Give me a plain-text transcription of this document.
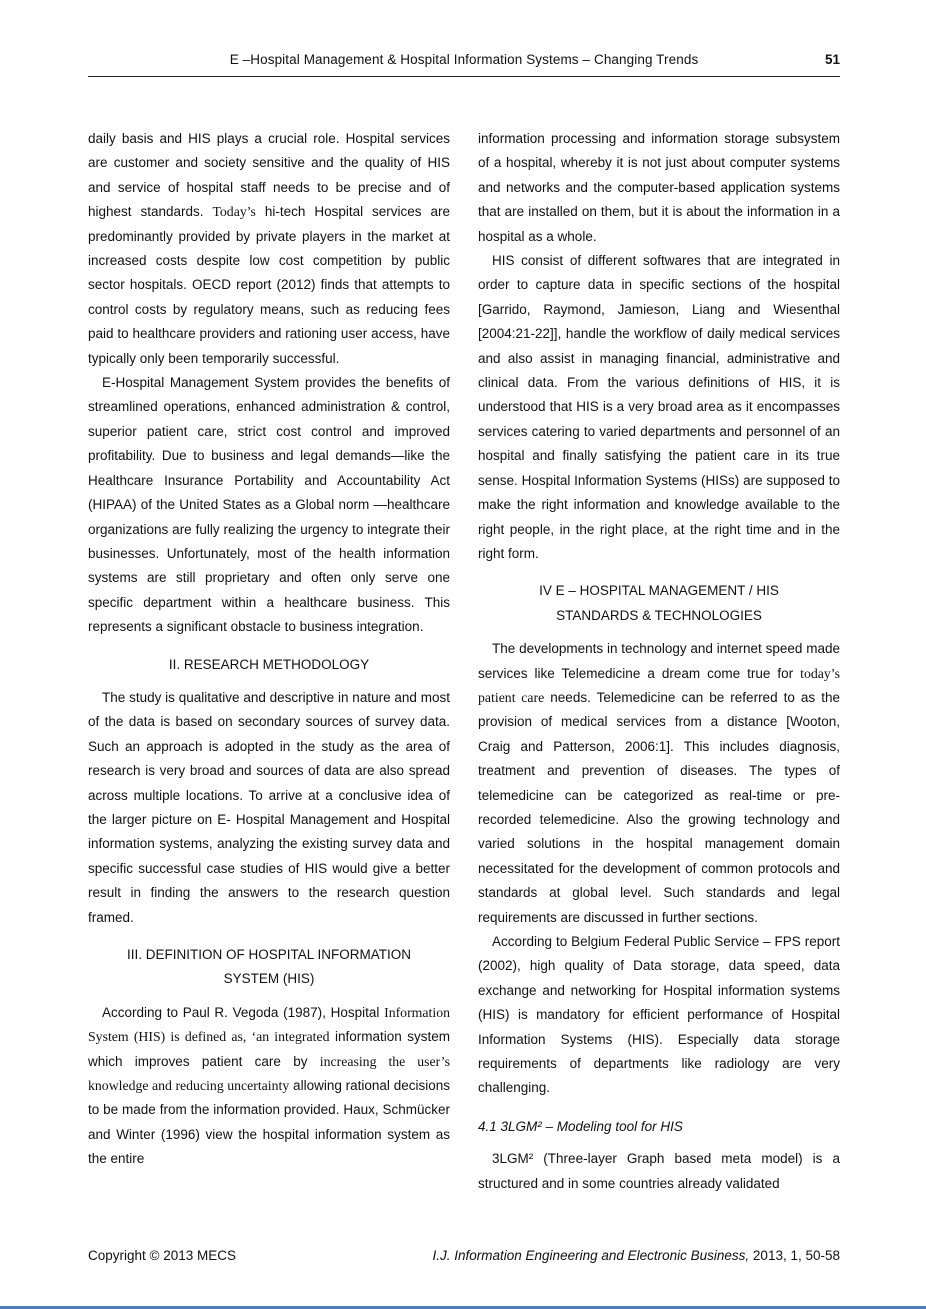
E –Hospital Management & Hospital Information Systems – Changing Trends	51

daily basis and HIS plays a crucial role. Hospital services are customer and society sensitive and the quality of HIS and service of hospital staff needs to be precise and of highest standards. Today’s hi-tech Hospital services are predominantly provided by private players in the market at increased costs despite low cost competition by public sector hospitals. OECD report (2012) finds that attempts to control costs by regulatory means, such as reducing fees paid to healthcare providers and rationing user access, have typically only been temporarily successful.

E-Hospital Management System provides the benefits of streamlined operations, enhanced administration & control, superior patient care, strict cost control and improved profitability. Due to business and legal demands—like the Healthcare Insurance Portability and Accountability Act (HIPAA) of the United States as a Global norm —healthcare organizations are fully realizing the urgency to integrate their businesses. Unfortunately, most of the health information systems are still proprietary and often only serve one specific department within a healthcare business. This represents a significant obstacle to business integration.

II. RESEARCH METHODOLOGY

The study is qualitative and descriptive in nature and most of the data is based on secondary sources of survey data. Such an approach is adopted in the study as the area of research is very broad and sources of data are also spread across multiple locations. To arrive at a conclusive idea of the larger picture on E- Hospital Management and Hospital information systems, analyzing the existing survey data and specific successful case studies of HIS would give a better result in finding the answers to the research question framed.

III. DEFINITION OF HOSPITAL INFORMATION
SYSTEM (HIS)

According to Paul R. Vegoda (1987), Hospital Information System (HIS) is defined as, ‘an integrated information system which improves patient care by increasing the user’s knowledge and reducing uncertainty allowing rational decisions to be made from the information provided. Haux, Schmücker and Winter (1996) view the hospital information system as the entire

information processing and information storage subsystem of a hospital, whereby it is not just about computer systems and networks and the computer-based application systems that are installed on them, but it is about the information in a hospital as a whole.

HIS consist of different softwares that are integrated in order to capture data in specific sections of the hospital [Garrido, Raymond, Jamieson, Liang and Wiesenthal [2004:21-22]], handle the workflow of daily medical services and also assist in managing financial, administrative and clinical data. From the various definitions of HIS, it is understood that HIS is a very broad area as it encompasses services catering to varied departments and personnel of an hospital and finally satisfying the patient care in its true sense. Hospital Information Systems (HISs) are supposed to make the right information and knowledge available to the right people, in the right place, at the right time and in the right form.

IV E – HOSPITAL MANAGEMENT / HIS
STANDARDS & TECHNOLOGIES

The developments in technology and internet speed made services like Telemedicine a dream come true for today’s patient care needs. Telemedicine can be referred to as the provision of medical services from a distance [Wooton, Craig and Patterson, 2006:1]. This includes diagnosis, treatment and prevention of diseases. The types of telemedicine can be categorized as real-time or pre-recorded telemedicine. Also the growing technology and varied solutions in the hospital management domain necessitated for the development of common protocols and standards at global level. Such standards and legal requirements are discussed in further sections.

According to Belgium Federal Public Service – FPS report (2002), high quality of Data storage, data speed, data exchange and networking for Hospital information systems (HIS) is mandatory for efficient performance of Hospital Information Systems (HIS). Especially data storage requirements of departments like radiology are very challenging.

4.1 3LGM² – Modeling tool for HIS

3LGM² (Three-layer Graph based meta model) is a structured and in some countries already validated

Copyright © 2013 MECS	I.J. Information Engineering and Electronic Business, 2013, 1, 50-58
